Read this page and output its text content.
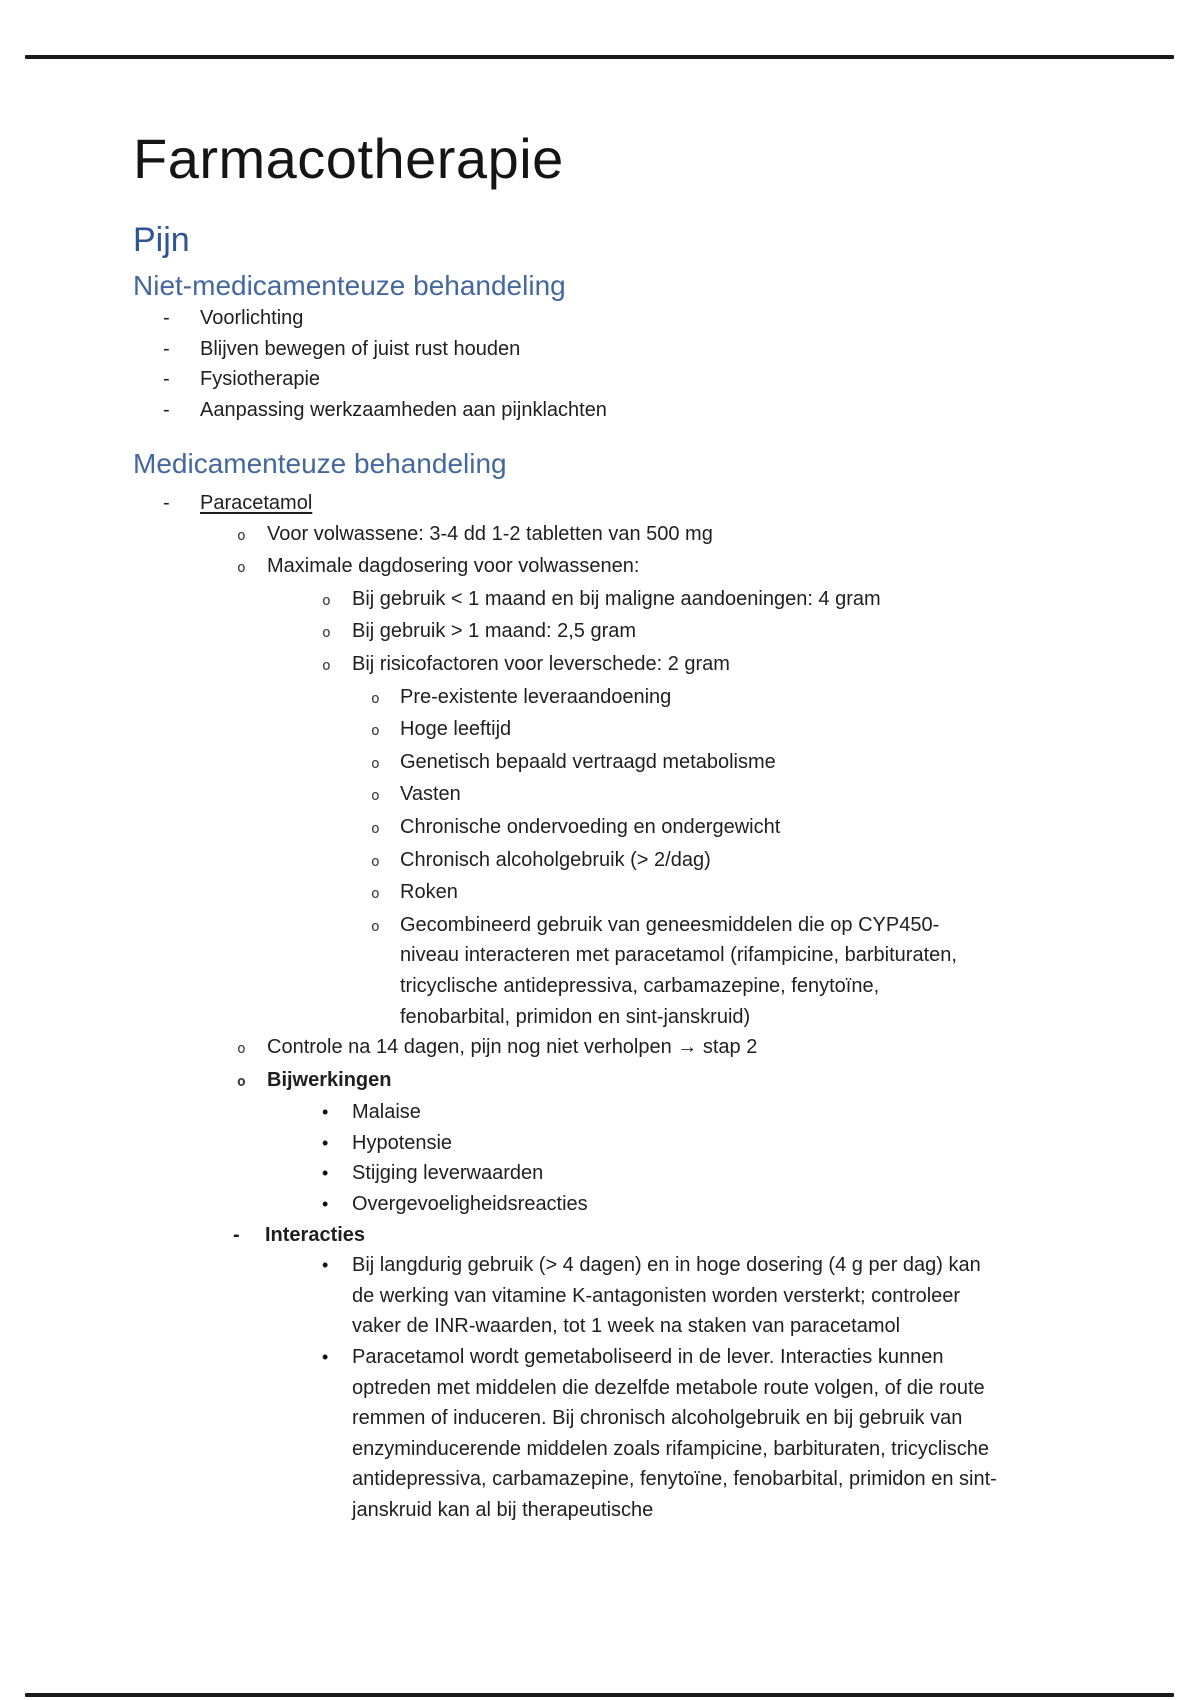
Farmacotherapie
Pijn
Niet-medicamenteuze behandeling
-	Voorlichting
-	Blijven bewegen of juist rust houden
-	Fysiotherapie
-	Aanpassing werkzaamheden aan pijnklachten
Medicamenteuze behandeling
-	Paracetamol
o	Voor volwassene: 3-4 dd 1-2 tabletten van 500 mg
o	Maximale dagdosering voor volwassenen:
o	Bij gebruik < 1 maand en bij maligne aandoeningen: 4 gram
o	Bij gebruik > 1 maand: 2,5 gram
o	Bij risicofactoren voor leverschede: 2 gram
o	Pre-existente leveraandoening
o	Hoge leeftijd
o	Genetisch bepaald vertraagd metabolisme
o	Vasten
o	Chronische ondervoeding en ondergewicht
o	Chronisch alcoholgebruik (> 2/dag)
o	Roken
o	Gecombineerd gebruik van geneesmiddelen die op CYP450-niveau interacteren met paracetamol (rifampicine, barbituraten, tricyclische antidepressiva, carbamazepine, fenytoïne, fenobarbital, primidon en sint-janskruid)
o	Controle na 14 dagen, pijn nog niet verholpen → stap 2
o	Bijwerkingen
•	Malaise
•	Hypotensie
•	Stijging leverwaarden
•	Overgevoeligheidsreacties
-	Interacties
•	Bij langdurig gebruik (> 4 dagen) en in hoge dosering (4 g per dag) kan de werking van vitamine K-antagonisten worden versterkt; controleer vaker de INR-waarden, tot 1 week na staken van paracetamol
•	Paracetamol wordt gemetaboliseerd in de lever. Interacties kunnen optreden met middelen die dezelfde metabole route volgen, of die route remmen of induceren. Bij chronisch alcoholgebruik en bij gebruik van enzyminducerende middelen zoals rifampicine, barbituraten, tricyclische antidepressiva, carbamazepine, fenytoïne, fenobarbital, primidon en sint-janskruid kan al bij therapeutische
